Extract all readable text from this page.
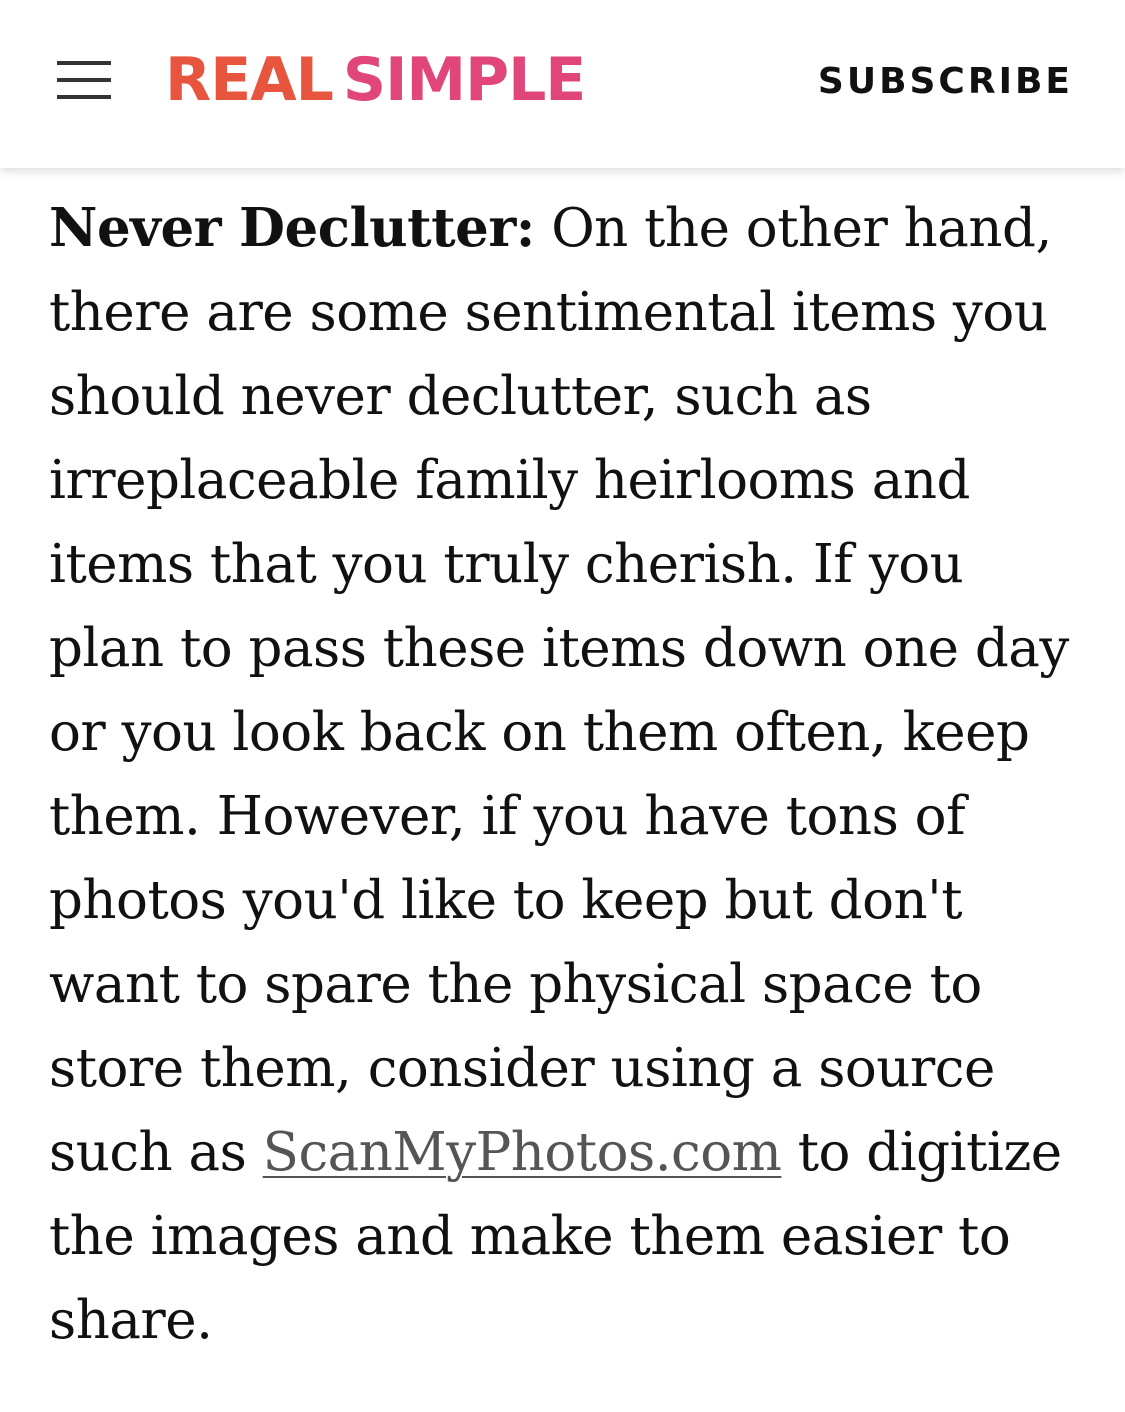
REAL SIMPLE	SUBSCRIBE

Never Declutter: On the other hand, there are some sentimental items you should never declutter, such as irreplaceable family heirlooms and items that you truly cherish. If you plan to pass these items down one day or you look back on them often, keep them. However, if you have tons of photos you'd like to keep but don't want to spare the physical space to store them, consider using a source such as ScanMyPhotos.com to digitize the images and make them easier to share.
